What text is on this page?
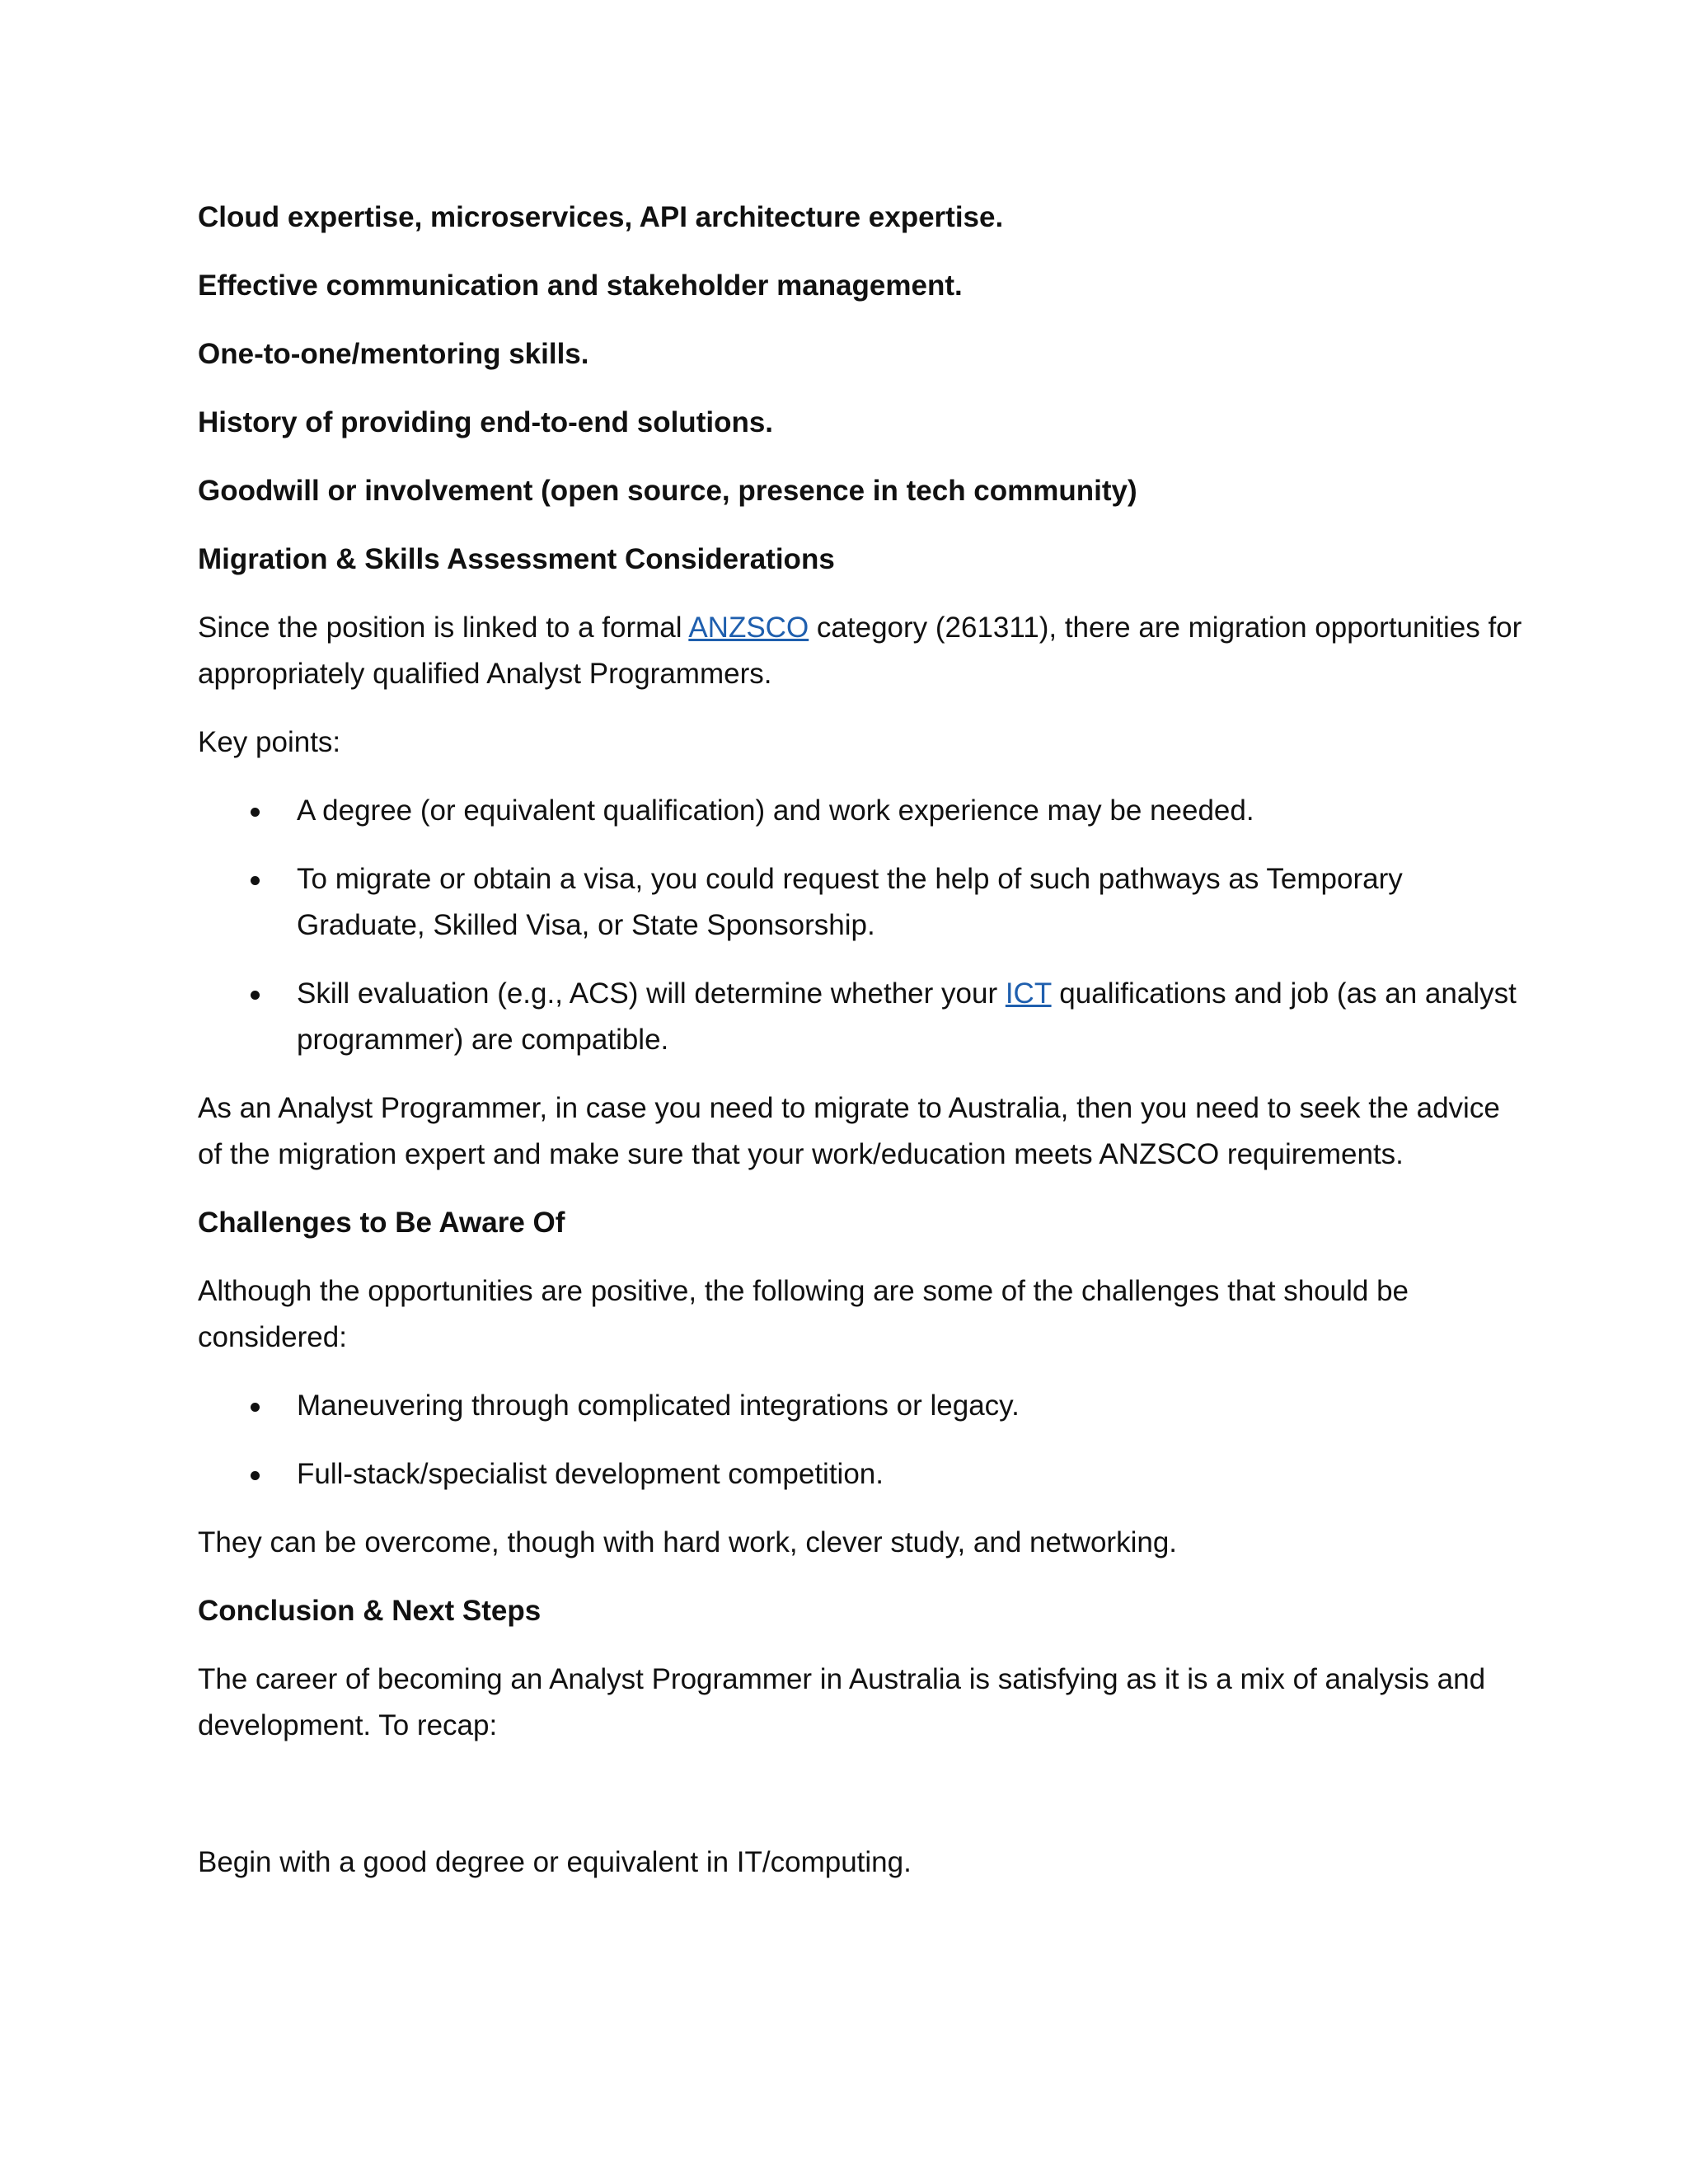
Cloud expertise, microservices, API architecture expertise.

Effective communication and stakeholder management.

One-to-one/mentoring skills.

History of providing end-to-end solutions.

Goodwill or involvement (open source, presence in tech community)

Migration & Skills Assessment Considerations

Since the position is linked to a formal ANZSCO category (261311), there are migration opportunities for appropriately qualified Analyst Programmers.

Key points:

A degree (or equivalent qualification) and work experience may be needed.
To migrate or obtain a visa, you could request the help of such pathways as Temporary Graduate, Skilled Visa, or State Sponsorship.
Skill evaluation (e.g., ACS) will determine whether your ICT qualifications and job (as an analyst programmer) are compatible.

As an Analyst Programmer, in case you need to migrate to Australia, then you need to seek the advice of the migration expert and make sure that your work/education meets ANZSCO requirements.

Challenges to Be Aware Of

Although the opportunities are positive, the following are some of the challenges that should be considered:

Maneuvering through complicated integrations or legacy.
Full-stack/specialist development competition.

They can be overcome, though with hard work, clever study, and networking.

Conclusion & Next Steps

The career of becoming an Analyst Programmer in Australia is satisfying as it is a mix of analysis and development. To recap:

Begin with a good degree or equivalent in IT/computing.
